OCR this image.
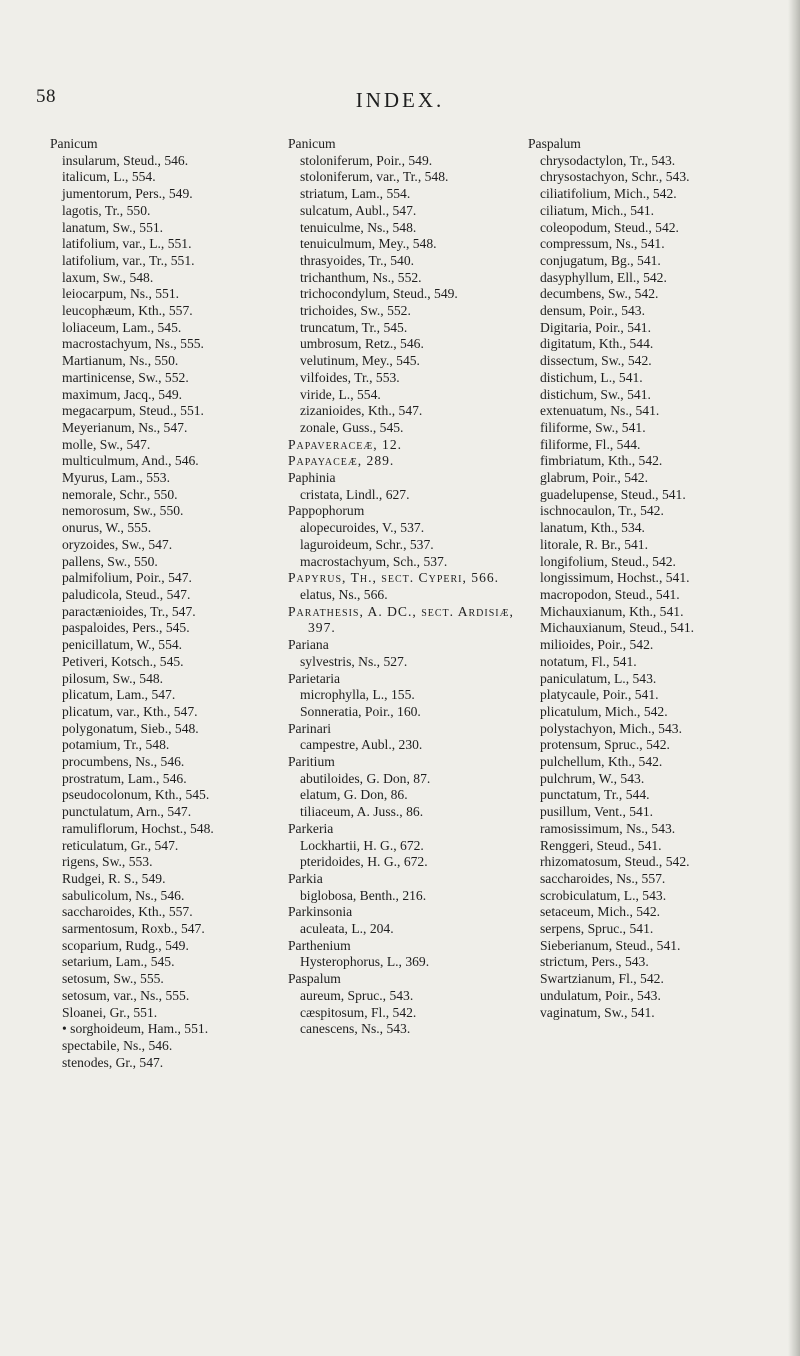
58	INDEX.
Panicum
insularum, Steud., 546.
italicum, L., 554.
jumentorum, Pers., 549.
lagotis, Tr., 550.
lanatum, Sw., 551.
latifolium, var., L., 551.
latifolium, var., Tr., 551.
laxum, Sw., 548.
leiocarpum, Ns., 551.
leucophæum, Kth., 557.
loliaceum, Lam., 545.
macrostachyum, Ns., 555.
Martianum, Ns., 550.
martinicense, Sw., 552.
maximum, Jacq., 549.
megacarpum, Steud., 551.
Meyerianum, Ns., 547.
molle, Sw., 547.
multiculmum, And., 546.
Myurus, Lam., 553.
nemorale, Schr., 550.
nemorosum, Sw., 550.
onurus, W., 555.
oryzoides, Sw., 547.
pallens, Sw., 550.
palmifolium, Poir., 547.
paludicola, Steud., 547.
paractænioides, Tr., 547.
paspaloides, Pers., 545.
penicillatum, W., 554.
Petiveri, Kotsch., 545.
pilosum, Sw., 548.
plicatum, Lam., 547.
plicatum, var., Kth., 547.
polygonatum, Sieb., 548.
potamium, Tr., 548.
procumbens, Ns., 546.
prostratum, Lam., 546.
pseudocolonum, Kth., 545.
punctulatum, Arn., 547.
ramuliflorum, Hochst., 548.
reticulatum, Gr., 547.
rigens, Sw., 553.
Rudgei, R. S., 549.
sabulicolum, Ns., 546.
saccharoides, Kth., 557.
sarmentosum, Roxb., 547.
scoparium, Rudg., 549.
setarium, Lam., 545.
setosum, Sw., 555.
setosum, var., Ns., 555.
Sloanei, Gr., 551.
• sorghoideum, Ham., 551.
spectabile, Ns., 546.
stenodes, Gr., 547.
Panicum
stoloniferum, Poir., 549.
stoloniferum, var., Tr., 548.
striatum, Lam., 554.
sulcatum, Aubl., 547.
tenuiculme, Ns., 548.
tenuiculmum, Mey., 548.
thrasyoides, Tr., 540.
trichanthum, Ns., 552.
trichocondylum, Steud., 549.
trichoides, Sw., 552.
truncatum, Tr., 545.
umbrosum, Retz., 546.
velutinum, Mey., 545.
vilfoides, Tr., 553.
viride, L., 554.
zizanioides, Kth., 547.
zonale, Guss., 545.
Papaveraceæ, 12.
Papayaceæ, 289.
Paphinia
cristata, Lindl., 627.
Pappophorum
alopecuroides, V., 537.
laguroideum, Schr., 537.
macrostachyum, Sch., 537.
Papyrus, Th., sect. Cyperi, 566.
elatus, Ns., 566.
Parathesis, A. DC., sect. Ardisiæ, 397.
Pariana
sylvestris, Ns., 527.
Parietaria
microphylla, L., 155.
Sonneratia, Poir., 160.
Parinari
campestre, Aubl., 230.
Paritium
abutiloides, G. Don, 87.
elatum, G. Don, 86.
tiliaceum, A. Juss., 86.
Parkeria
Lockhartii, H. G., 672.
pteridoides, H. G., 672.
Parkia
biglobosa, Benth., 216.
Parkinsonia
aculeata, L., 204.
Parthenium
Hysterophorus, L., 369.
Paspalum
aureum, Spruc., 543.
cæspitosum, Fl., 542.
canescens, Ns., 543.
Paspalum
chrysodactylon, Tr., 543.
chrysostachyon, Schr., 543.
ciliatifolium, Mich., 542.
ciliatum, Mich., 541.
coleopodum, Steud., 542.
compressum, Ns., 541.
conjugatum, Bg., 541.
dasyphyllum, Ell., 542.
decumbens, Sw., 542.
densum, Poir., 543.
Digitaria, Poir., 541.
digitatum, Kth., 544.
dissectum, Sw., 542.
distichum, L., 541.
distichum, Sw., 541.
extenuatum, Ns., 541.
filiforme, Sw., 541.
filiforme, Fl., 544.
fimbriatum, Kth., 542.
glabrum, Poir., 542.
guadelupense, Steud., 541.
ischnocaulon, Tr., 542.
lanatum, Kth., 534.
litorale, R. Br., 541.
longifolium, Steud., 542.
longissimum, Hochst., 541.
macropodon, Steud., 541.
Michauxianum, Kth., 541.
Michauxianum, Steud., 541.
milioides, Poir., 542.
notatum, Fl., 541.
paniculatum, L., 543.
platycaule, Poir., 541.
plicatulum, Mich., 542.
polystachyon, Mich., 543.
protensum, Spruc., 542.
pulchellum, Kth., 542.
pulchrum, W., 543.
punctatum, Tr., 544.
pusillum, Vent., 541.
ramosissimum, Ns., 543.
Renggeri, Steud., 541.
rhizomatosum, Steud., 542.
saccharoides, Ns., 557.
scrobiculatum, L., 543.
setaceum, Mich., 542.
serpens, Spruc., 541.
Sieberianum, Steud., 541.
strictum, Pers., 543.
Swartzianum, Fl., 542.
undulatum, Poir., 543.
vaginatum, Sw., 541.
